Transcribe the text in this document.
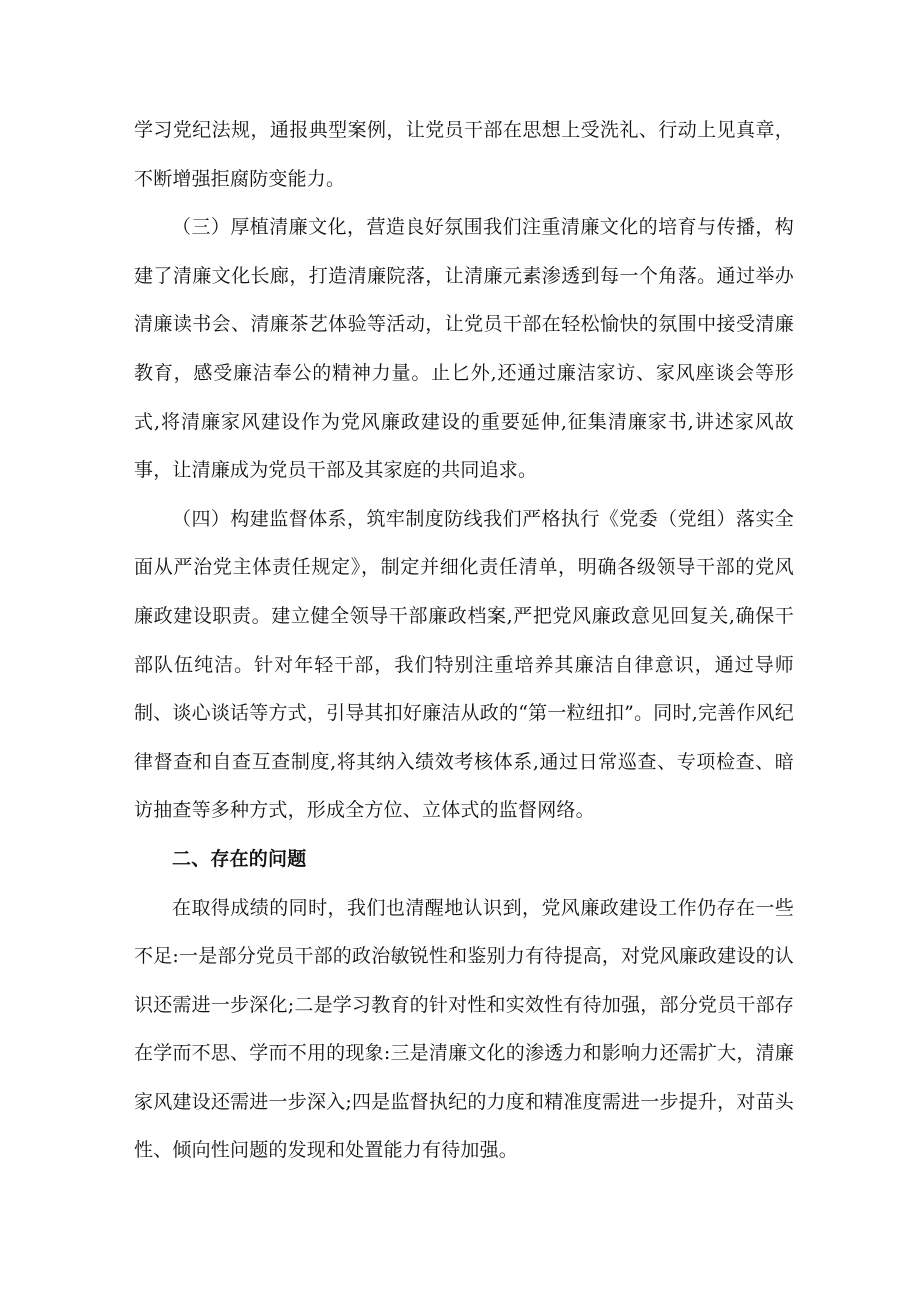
学习党纪法规，通报典型案例，让党员干部在思想上受洗礼、行动上见真章，不断增强拒腐防变能力。

（三）厚植清廉文化，营造良好氛围我们注重清廉文化的培育与传播，构建了清廉文化长廊，打造清廉院落，让清廉元素渗透到每一个角落。通过举办清廉读书会、清廉茶艺体验等活动，让党员干部在轻松愉快的氛围中接受清廉教育，感受廉洁奉公的精神力量。止匕外,还通过廉洁家访、家风座谈会等形式,将清廉家风建设作为党风廉政建设的重要延伸,征集清廉家书,讲述家风故事，让清廉成为党员干部及其家庭的共同追求。

（四）构建监督体系，筑牢制度防线我们严格执行《党委（党组）落实全面从严治党主体责任规定》，制定并细化责任清单，明确各级领导干部的党风廉政建设职责。建立健全领导干部廉政档案,严把党风廉政意见回复关,确保干部队伍纯洁。针对年轻干部，我们特别注重培养其廉洁自律意识，通过导师制、谈心谈话等方式，引导其扣好廉洁从政的“第一粒纽扣”。同时,完善作风纪律督查和自查互查制度,将其纳入绩效考核体系,通过日常巡查、专项检查、暗访抽查等多种方式，形成全方位、立体式的监督网络。

二、存在的问题

在取得成绩的同时，我们也清醒地认识到，党风廉政建设工作仍存在一些不足:一是部分党员干部的政治敏锐性和鉴别力有待提高，对党风廉政建设的认识还需进一步深化;二是学习教育的针对性和实效性有待加强，部分党员干部存在学而不思、学而不用的现象:三是清廉文化的渗透力和影响力还需扩大，清廉家风建设还需进一步深入;四是监督执纪的力度和精准度需进一步提升，对苗头性、倾向性问题的发现和处置能力有待加强。
